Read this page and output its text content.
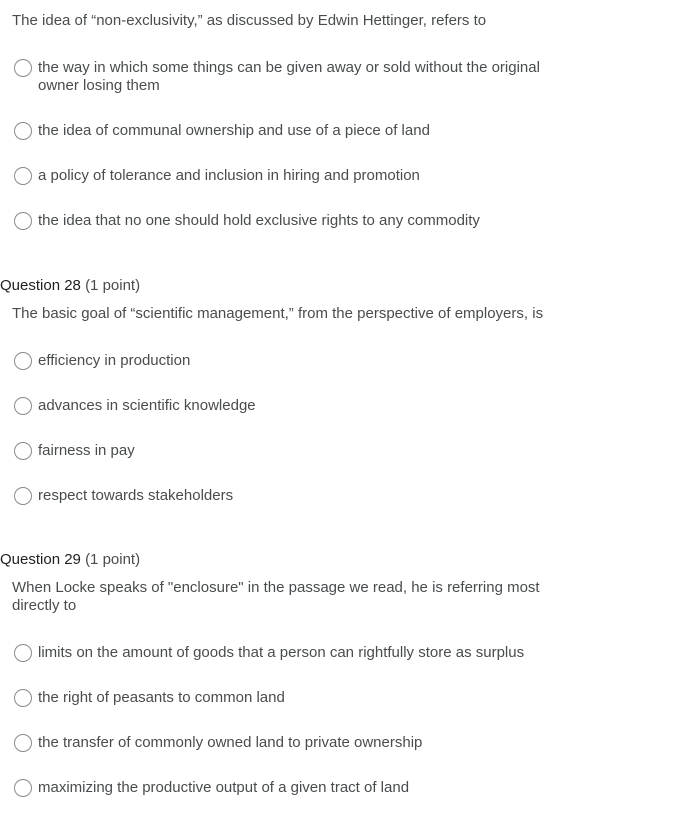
The idea of “non-exclusivity,” as discussed by Edwin Hettinger, refers to
the way in which some things can be given away or sold without the original owner losing them
the idea of communal ownership and use of a piece of land
a policy of tolerance and inclusion in hiring and promotion
the idea that no one should hold exclusive rights to any commodity
Question 28 (1 point)
The basic goal of “scientific management,” from the perspective of employers, is
efficiency in production
advances in scientific knowledge
fairness in pay
respect towards stakeholders
Question 29 (1 point)
When Locke speaks of "enclosure" in the passage we read, he is referring most directly to
limits on the amount of goods that a person can rightfully store as surplus
the right of peasants to common land
the transfer of commonly owned land to private ownership
maximizing the productive output of a given tract of land
